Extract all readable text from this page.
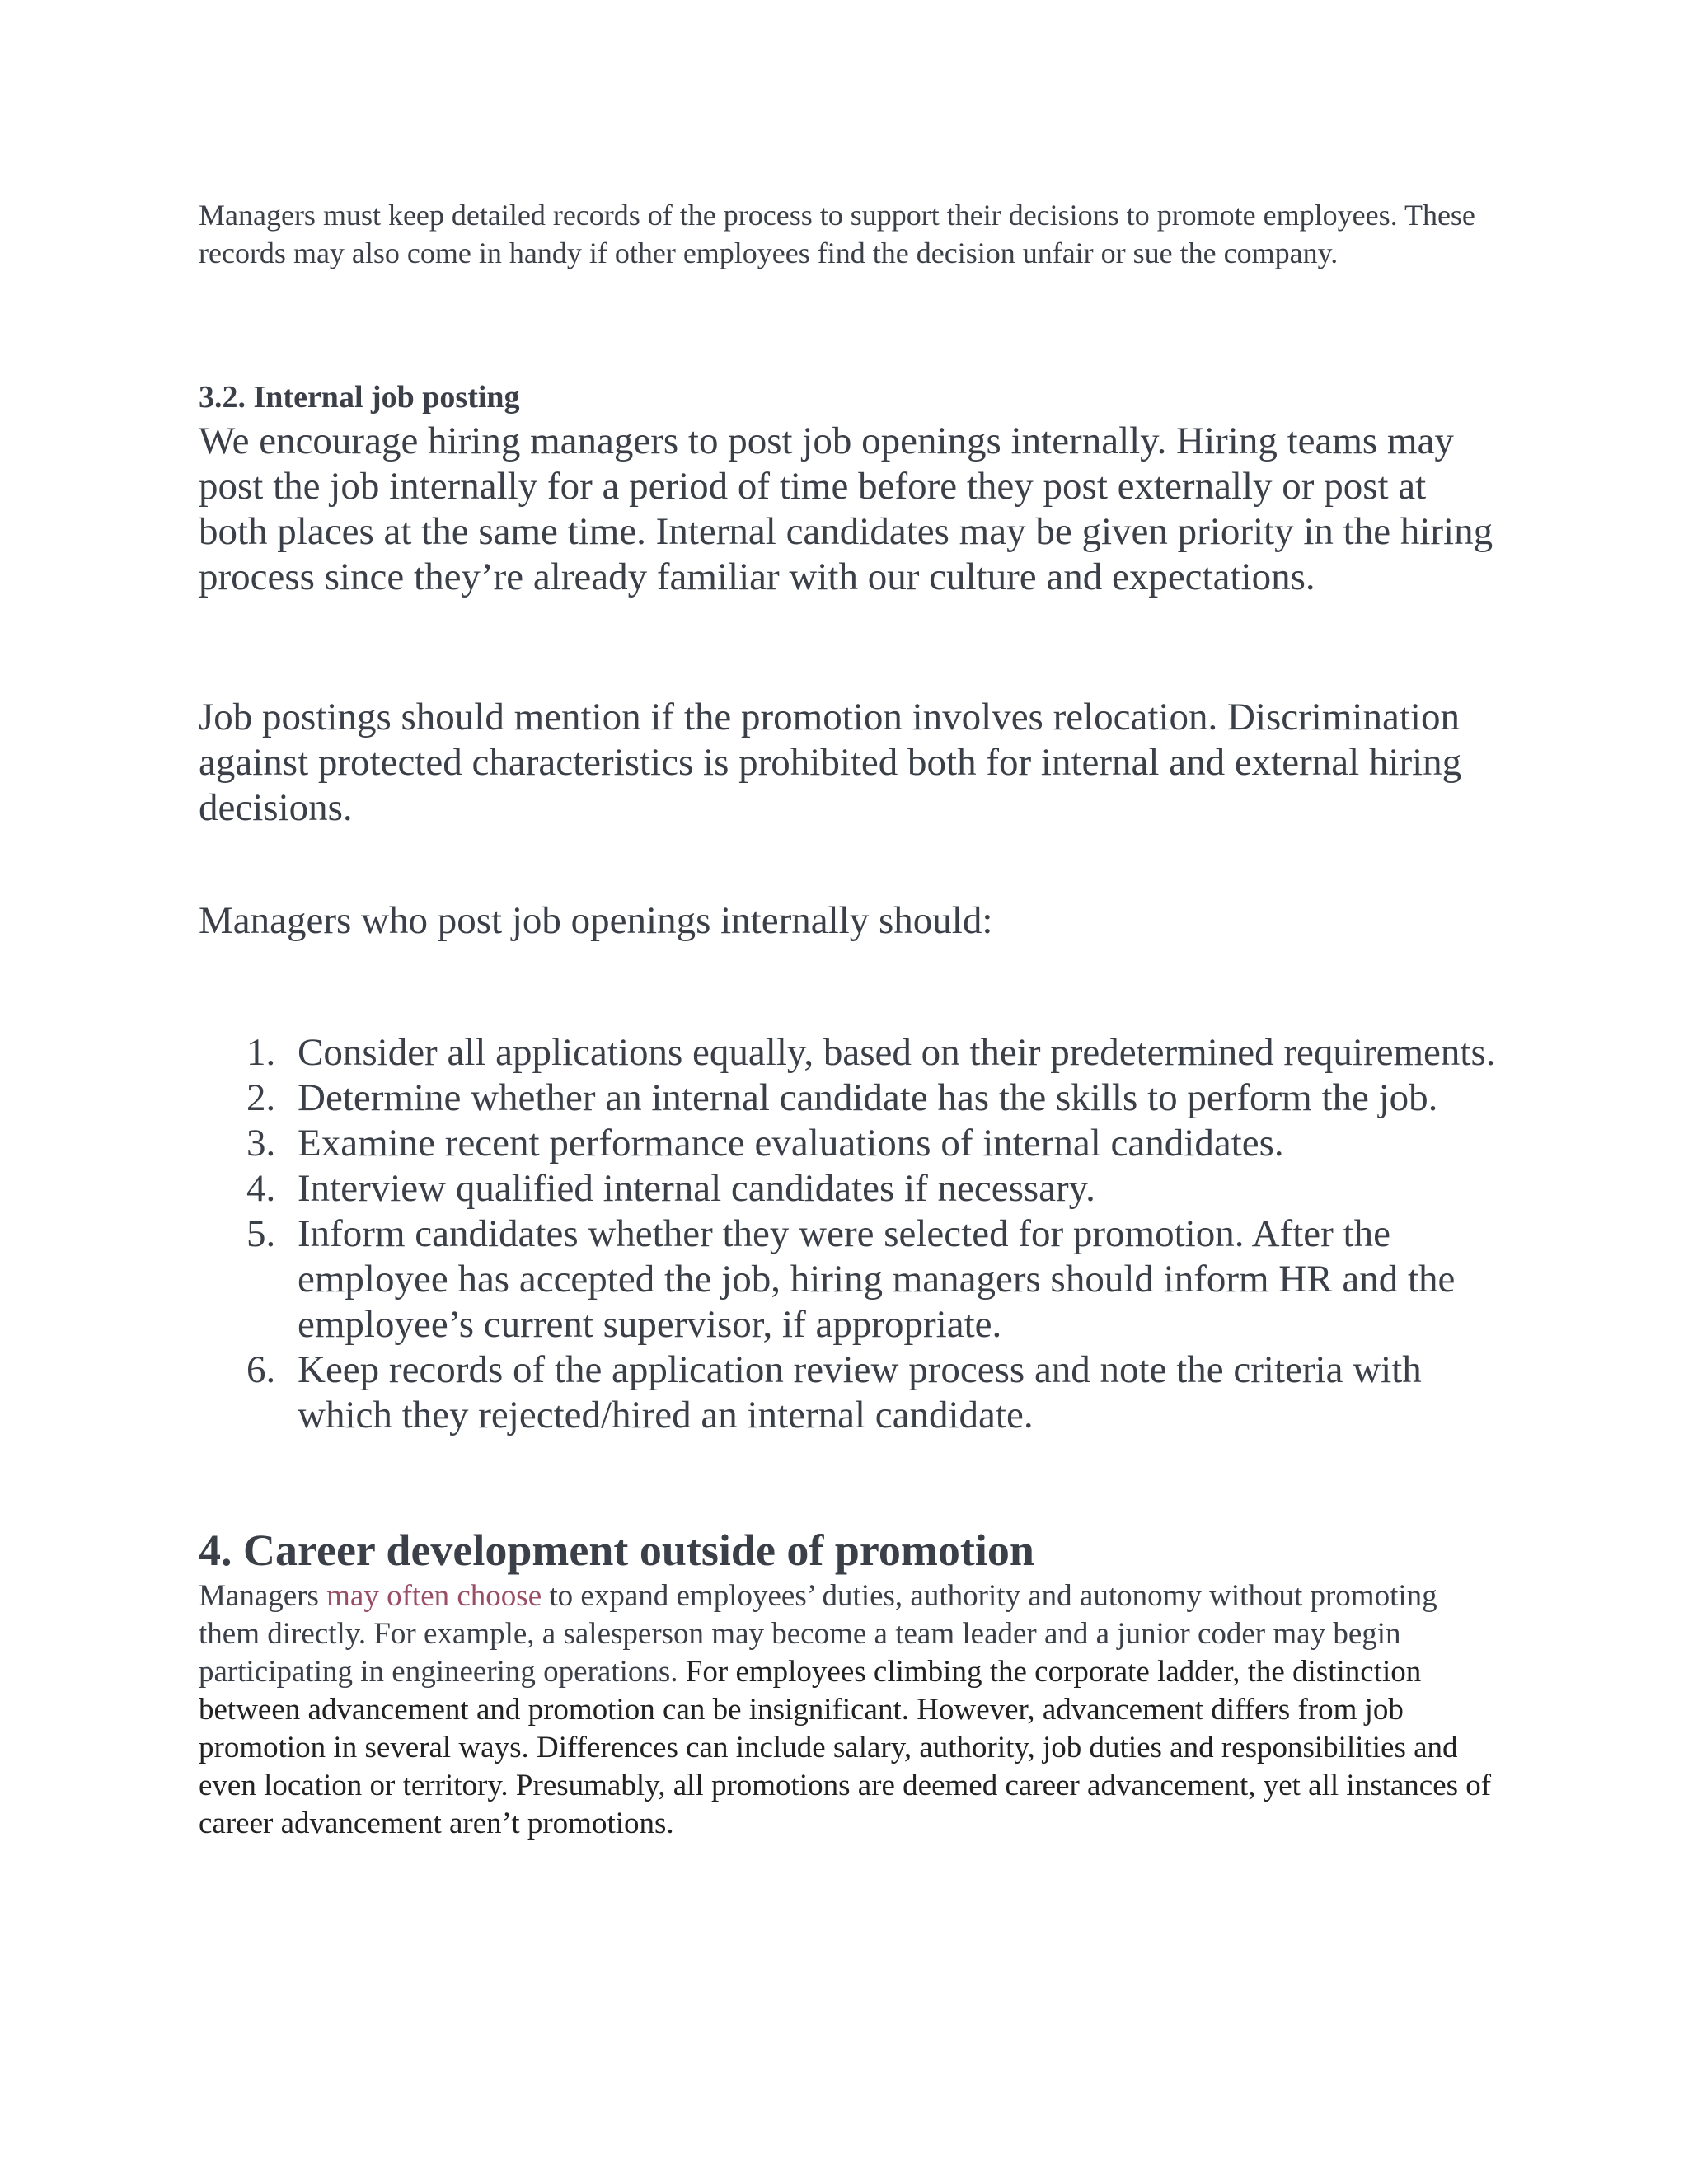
Managers must keep detailed records of the process to support their decisions to promote employees. These records may also come in handy if other employees find the decision unfair or sue the company.

3.2. Internal job posting

We encourage hiring managers to post job openings internally. Hiring teams may post the job internally for a period of time before they post externally or post at both places at the same time. Internal candidates may be given priority in the hiring process since they’re already familiar with our culture and expectations.

Job postings should mention if the promotion involves relocation. Discrimination against protected characteristics is prohibited both for internal and external hiring decisions.

Managers who post job openings internally should:

1. Consider all applications equally, based on their predetermined requirements.
2. Determine whether an internal candidate has the skills to perform the job.
3. Examine recent performance evaluations of internal candidates.
4. Interview qualified internal candidates if necessary.
5. Inform candidates whether they were selected for promotion. After the employee has accepted the job, hiring managers should inform HR and the employee’s current supervisor, if appropriate.
6. Keep records of the application review process and note the criteria with which they rejected/hired an internal candidate.
4. Career development outside of promotion

Managers may often choose to expand employees’ duties, authority and autonomy without promoting them directly. For example, a salesperson may become a team leader and a junior coder may begin participating in engineering operations. For employees climbing the corporate ladder, the distinction between advancement and promotion can be insignificant. However, advancement differs from job promotion in several ways. Differences can include salary, authority, job duties and responsibilities and even location or territory. Presumably, all promotions are deemed career advancement, yet all instances of career advancement aren’t promotions.
